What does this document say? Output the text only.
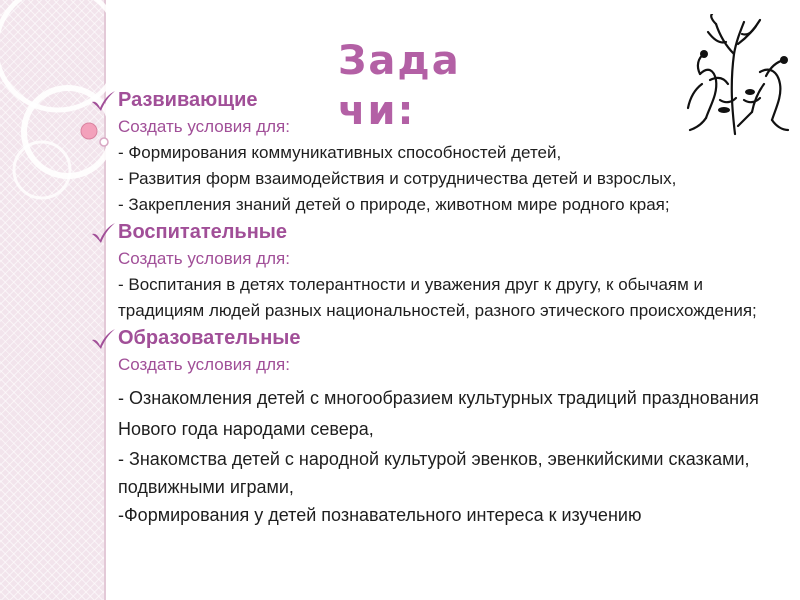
Задачи:
Развивающие
Создать условия для:
- Формирования коммуникативных способностей детей,
- Развития форм взаимодействия и сотрудничества детей и взрослых,
- Закрепления знаний детей о природе, животном мире родного края;
Воспитательные
Создать условия для:
- Воспитания в детях толерантности и уважения друг к другу, к обычаям и традициям людей разных национальностей, разного этического происхождения;
Образовательные
Создать условия для:
- Ознакомления детей с многообразием культурных традиций празднования Нового года народами севера,
- Знакомства детей с народной культурой эвенков, эвенкийскими сказками, подвижными играми,
-Формирования у детей познавательного интереса к изучению
